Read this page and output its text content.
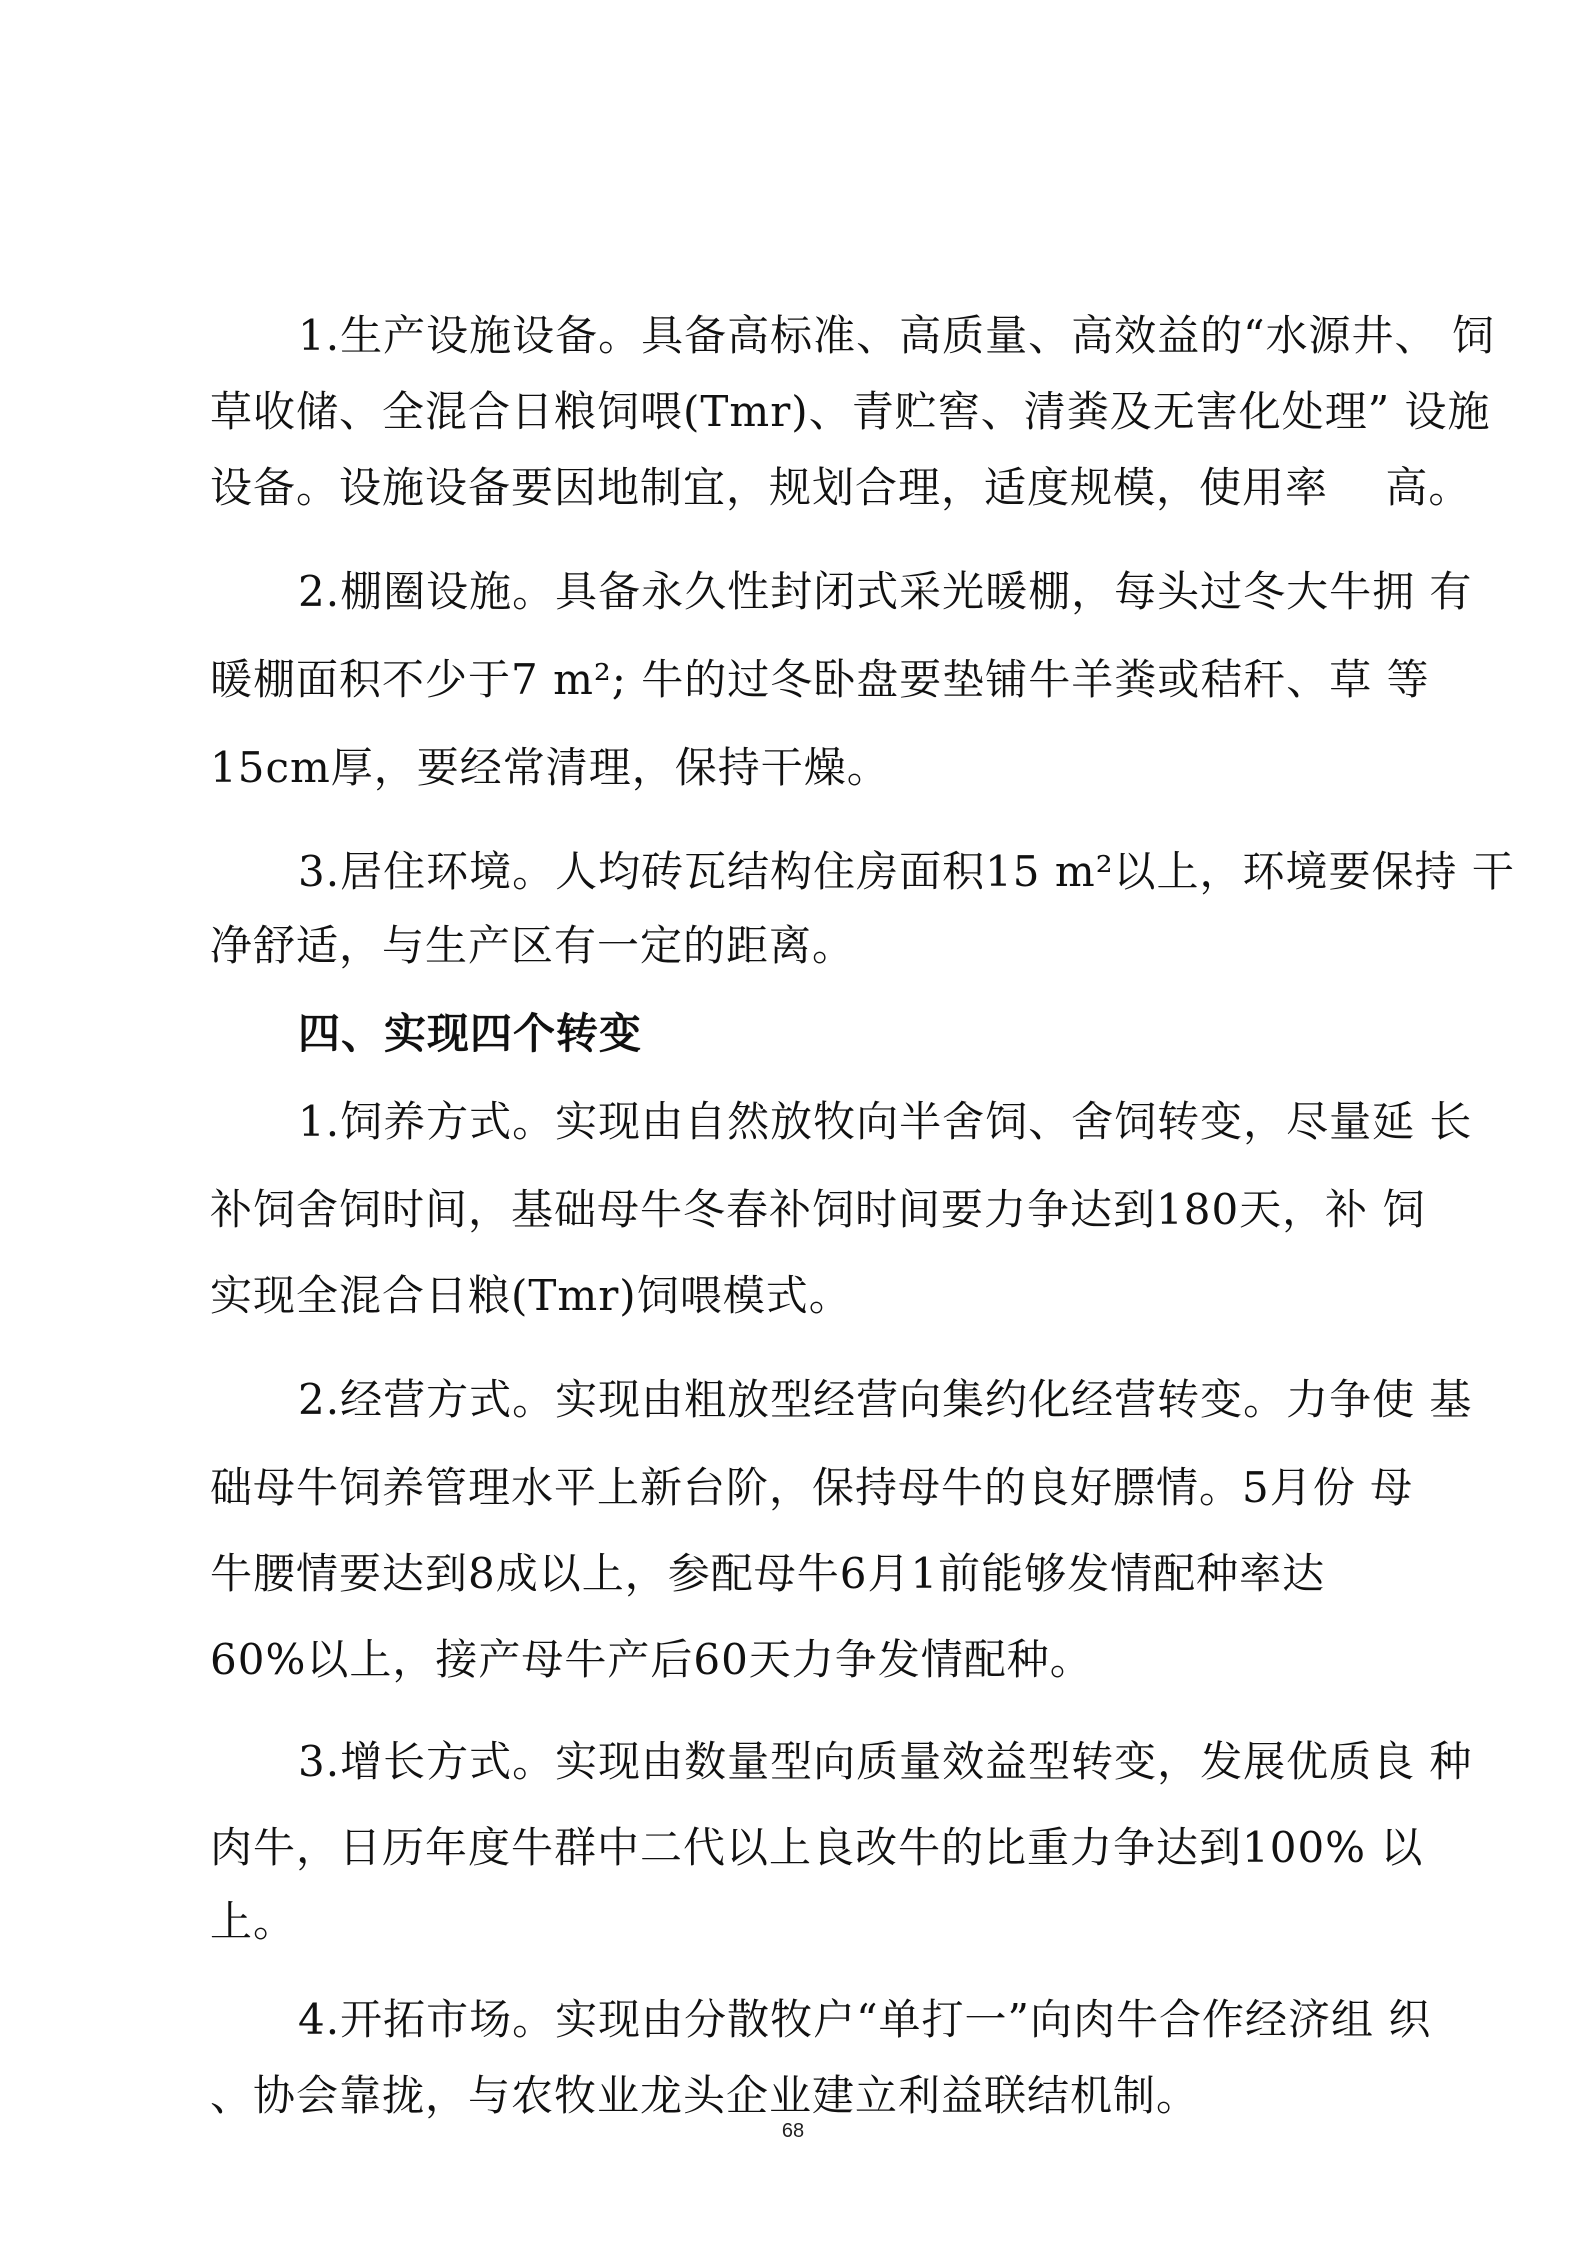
1.生产设施设备。具备高标准、高质量、高效益的“水源井、 饲
草收储、全混合日粮饲喂(Tmr)、青贮窖、清粪及无害化处理” 设施
设备。设施设备要因地制宜，规划合理，适度规模，使用率 　高。
2.棚圈设施。具备永久性封闭式采光暖棚，每头过冬大牛拥 有
暖棚面积不少于7 m²; 牛的过冬卧盘要垫铺牛羊粪或秸秆、草 等
15cm厚，要经常清理，保持干燥。
3.居住环境。人均砖瓦结构住房面积15 m²以上，环境要保持 干
净舒适，与生产区有一定的距离。
四、实现四个转变
1.饲养方式。实现由自然放牧向半舍饲、舍饲转变，尽量延 长
补饲舍饲时间，基础母牛冬春补饲时间要力争达到180天，补 饲
实现全混合日粮(Tmr)饲喂模式。
2.经营方式。实现由粗放型经营向集约化经营转变。力争使 基
础母牛饲养管理水平上新台阶，保持母牛的良好膘情。5月份 母
牛腰情要达到8成以上，参配母牛6月1前能够发情配种率达
60%以上，接产母牛产后60天力争发情配种。
3.增长方式。实现由数量型向质量效益型转变，发展优质良 种
肉牛，日历年度牛群中二代以上良改牛的比重力争达到100% 以
上。
4.开拓市场。实现由分散牧户“单打一”向肉牛合作经济组 织
、协会靠拢，与农牧业龙头企业建立利益联结机制。
68
